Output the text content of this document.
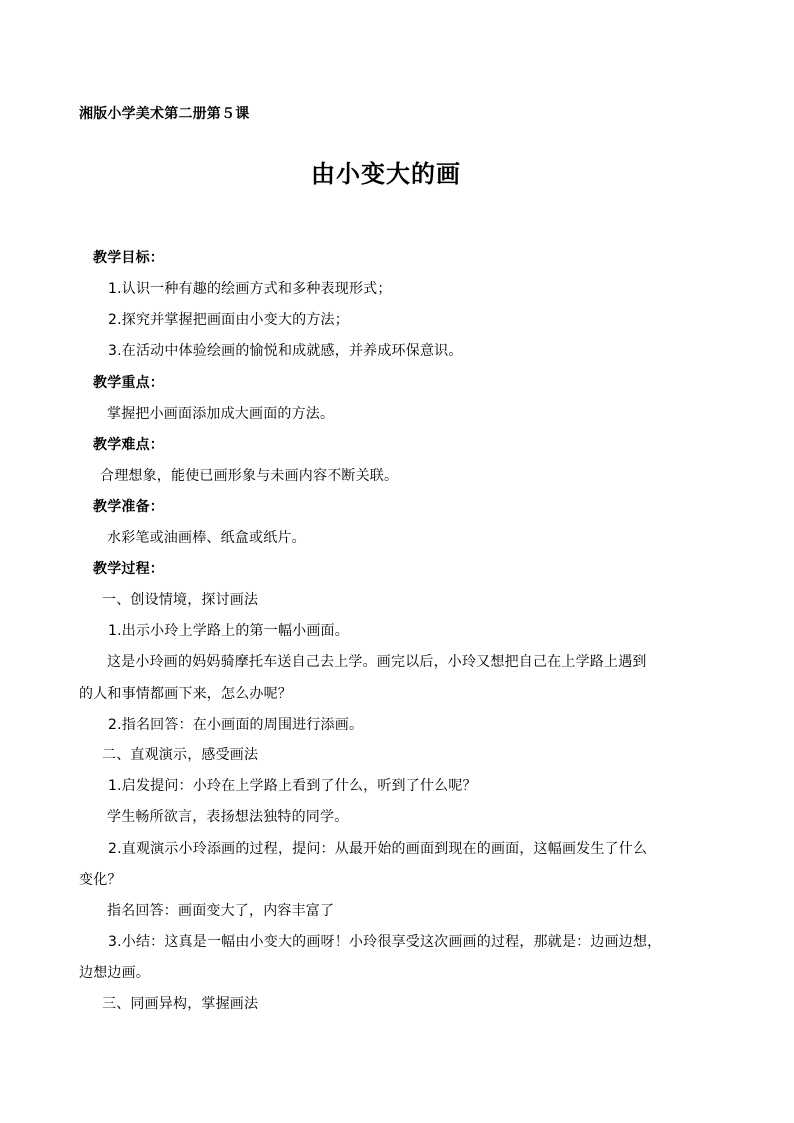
湘版小学美术第二册第５课
由小变大的画
教学目标：
1.认识一种有趣的绘画方式和多种表现形式；
2.探究并掌握把画面由小变大的方法；
3.在活动中体验绘画的愉悦和成就感，并养成环保意识。
教学重点：
掌握把小画面添加成大画面的方法。
教学难点：
合理想象，能使已画形象与未画内容不断关联。
教学准备：
水彩笔或油画棒、纸盒或纸片。
教学过程：
一、创设情境，探讨画法
1.出示小玲上学路上的第一幅小画面。
这是小玲画的妈妈骑摩托车送自己去上学。画完以后，小玲又想把自己在上学路上遇到
的人和事情都画下来，怎么办呢？
2.指名回答：在小画面的周围进行添画。
二、直观演示，感受画法
1.启发提问：小玲在上学路上看到了什么，听到了什么呢？
学生畅所欲言，表扬想法独特的同学。
2.直观演示小玲添画的过程，提问：从最开始的画面到现在的画面，这幅画发生了什么
变化？
指名回答：画面变大了，内容丰富了
3.小结：这真是一幅由小变大的画呀！小玲很享受这次画画的过程，那就是：边画边想，
边想边画。
三、同画异构，掌握画法
